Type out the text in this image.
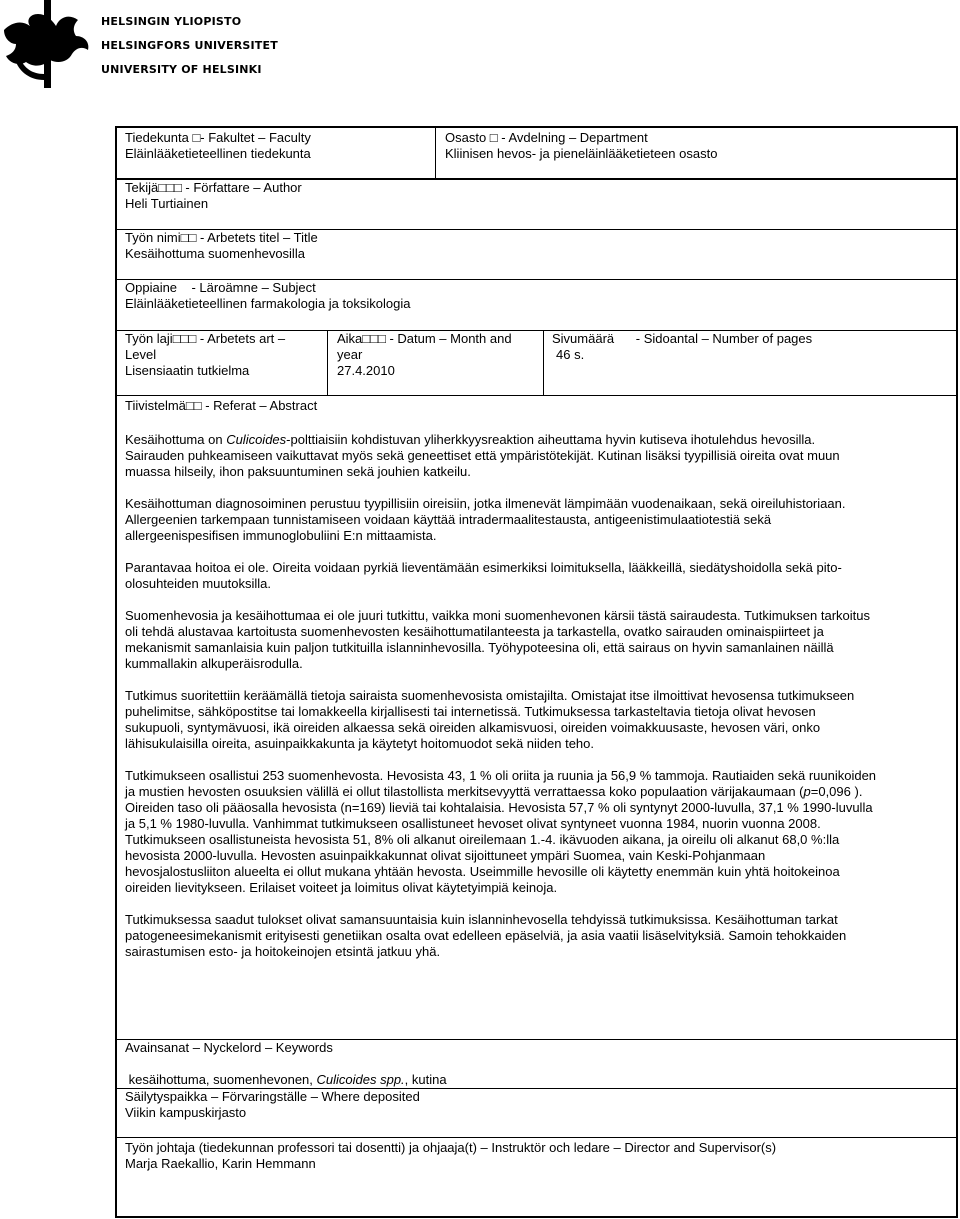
HELSINGIN YLIOPISTO
HELSINGFORS UNIVERSITET
UNIVERSITY OF HELSINKI
Tiedekunta □- Fakultet – Faculty
Eläinlääketieteellinen tiedekunta
Osasto □ - Avdelning – Department
Kliinisen hevos- ja pieneläinlääketieteen osasto
Tekijä□□□ - Författare – Author
Heli Turtiainen
Työn nimi□□ - Arbetets titel – Title
Kesäihottuma suomenhevosilla
Oppiaine    - Läroämne – Subject
Eläinlääketieteellinen farmakologia ja toksikologia
Työn laji□□□ - Arbetets art –
Level
Lisensiaatin tutkielma
Aika□□□ - Datum – Month and
year
27.4.2010
Sivumäärä      - Sidoantal – Number of pages
46 s.
Tiivistelmä□□ - Referat – Abstract

Kesäihottuma on Culicoides-polttiaisiin kohdistuvan yliherkkyysreaktion aiheuttama hyvin kutiseva ihotulehdus hevosilla.
Sairauden puhkeamiseen vaikuttavat myös sekä geneettiset että ympäristötekijät. Kutinan lisäksi tyypillisiä oireita ovat muun
muassa hilseily, ihon paksuuntuminen sekä jouhien katkeilu.

Kesäihottuman diagnosoiminen perustuu tyypillisiin oireisiin, jotka ilmenevät lämpimään vuodenaikaan, sekä oireiluhistoriaan.
Allergeenien tarkempaan tunnistamiseen voidaan käyttää intradermaalitestausta, antigeenistimulaatiotestiä sekä
allergeenispesifisen immunoglobuliini E:n mittaamista.

Parantavaa hoitoa ei ole. Oireita voidaan pyrkiä lieventämään esimerkiksi loimituksella, lääkkeillä, siedätyshoidolla sekä pito-
olosuhteiden muutoksilla.

Suomenhevosia ja kesäihottumaa ei ole juuri tutkittu, vaikka moni suomenhevonen kärsii tästä sairaudesta. Tutkimuksen tarkoitus
oli tehdä alustavaa kartoitusta suomenhevosten kesäihottumatilanteesta ja tarkastella, ovatko sairauden ominaispiirteet ja
mekanismit samanlaisia kuin paljon tutkituilla islanninhevosilla. Työhypoteesina oli, että sairaus on hyvin samanlainen näillä
kummallakin alkuperäisrodulla.

Tutkimus suoritettiin keräämällä tietoja sairaista suomenhevosista omistajilta. Omistajat itse ilmoittivat hevosensa tutkimukseen
puhelimitse, sähköpostitse tai lomakkeella kirjallisesti tai internetissä. Tutkimuksessa tarkasteltavia tietoja olivat hevosen
sukupuoli, syntymävuosi, ikä oireiden alkaessa sekä oireiden alkamisvuosi, oireiden voimakkuusaste, hevosen väri, onko
lähisukulaisilla oireita, asuinpaikkakunta ja käytetyt hoitomuodot sekä niiden teho.

Tutkimukseen osallistui 253 suomenhevosta. Hevosista 43, 1 % oli oriita ja ruunia ja 56,9 % tammoja. Rautiaiden sekä ruunikoiden
ja mustien hevosten osuuksien välillä ei ollut tilastollista merkitsevyyttä verrattaessa koko populaation värijakaumaan (p=0,096 ).
Oireiden taso oli pääosalla hevosista (n=169) lieviä tai kohtalaisia. Hevosista 57,7 % oli syntynyt 2000-luvulla, 37,1 % 1990-luvulla
ja 5,1 % 1980-luvulla. Vanhimmat tutkimukseen osallistuneet hevoset olivat syntyneet vuonna 1984, nuorin vuonna 2008.
Tutkimukseen osallistuneista hevosista 51, 8% oli alkanut oireilemaan 1.-4. ikävuoden aikana, ja oireilu oli alkanut 68,0 %:lla
hevosista 2000-luvulla. Hevosten asuinpaikkakunnat olivat sijoittuneet ympäri Suomea, vain Keski-Pohjanmaan
hevosjalostusliiton alueelta ei ollut mukana yhtään hevosta. Useimmille hevosille oli käytetty enemmän kuin yhtä hoitokeinoa
oireiden lievitykseen. Erilaiset voiteet ja loimitus olivat käytetyimpiä keinoja.

Tutkimuksessa saadut tulokset olivat samansuuntaisia kuin islanninhevosella tehdyissä tutkimuksissa. Kesäihottuman tarkat
patogeneesimekanismit erityisesti genetiikan osalta ovat edelleen epäselviä, ja asia vaatii lisäselvityksiä. Samoin tehokkaiden
sairastumisen esto- ja hoitokeinojen etsintä jatkuu yhä.

Avainsanat – Nyckelord – Keywords
kesäihottuma, suomenhevonen, Culicoides spp., kutina
Säilytyspaikka – Förvaringställe – Where deposited
Viikin kampuskirjasto
Työn johtaja (tiedekunnan professori tai dosentti) ja ohjaaja(t) – Instruktör och ledare – Director and Supervisor(s)
Marja Raekallio, Karin Hemmann
